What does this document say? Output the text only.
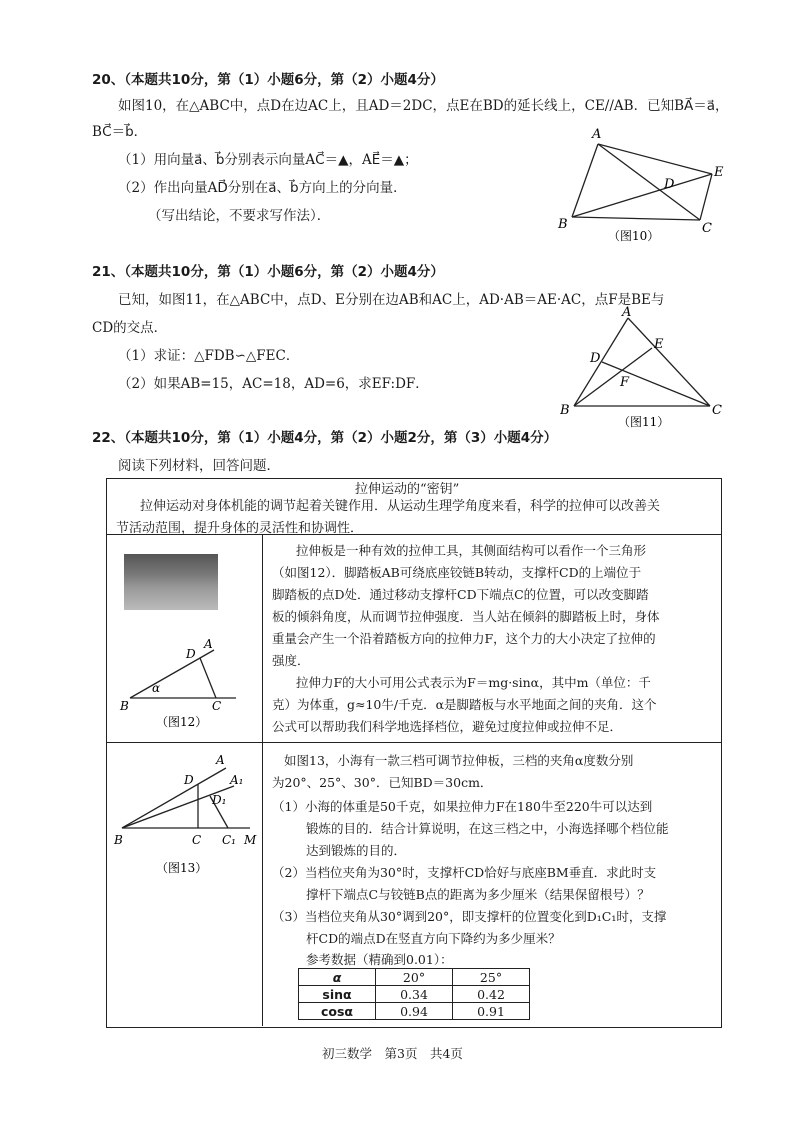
20、（本题共10分，第（1）小题6分，第（2）小题4分）
如图10，在△ABC中，点D在边AC上，且AD＝2DC，点E在BD的延长线上，CE//AB．已知BA⃗＝a⃗，
BC⃗＝b⃗．
（1）用向量a⃗、b⃗分别表示向量AC⃗＝▲，AE⃗＝▲；
（2）作出向量AD⃗分别在a⃗、b⃗方向上的分向量．
（写出结论，不要求写作法）．
A
D
E
B	C
（图10）
21、（本题共10分，第（1）小题6分，第（2）小题4分）
已知，如图11，在△ABC中，点D、E分别在边AB和AC上，AD·AB＝AE·AC，点F是BE与
CD的交点．
（1）求证：△FDB∽△FEC．
（2）如果AB=15，AC=18，AD=6，求EF:DF．
A
D
E
F
B	C
（图11）
22、（本题共10分，第（1）小题4分，第（2）小题2分，第（3）小题4分）
阅读下列材料，回答问题．
拉伸运动的“密钥”
拉伸运动对身体机能的调节起着关键作用．从运动生理学角度来看，科学的拉伸可以改善关
节活动范围，提升身体的灵活性和协调性．
A
D
α
B	C
（图12）
拉伸板是一种有效的拉伸工具，其侧面结构可以看作一个三角形
（如图12）．脚踏板AB可绕底座铰链B转动，支撑杆CD的上端位于
脚踏板的点D处．通过移动支撑杆CD下端点C的位置，可以改变脚踏
板的倾斜角度，从而调节拉伸强度．当人站在倾斜的脚踏板上时，身体
重量会产生一个沿着踏板方向的拉伸力F，这个力的大小决定了拉伸的
强度．
拉伸力F的大小可用公式表示为F＝mg·sinα，其中m（单位：千
克）为体重，g≈10牛/千克．α是脚踏板与水平地面之间的夹角．这个
公式可以帮助我们科学地选择档位，避免过度拉伸或拉伸不足．
A
D	A₁
D₁
B	C C₁ M
（图13）
如图13，小海有一款三档可调节拉伸板，三档的夹角α度数分别
为20°、25°、30°．已知BD＝30cm．
（1）小海的体重是50千克，如果拉伸力F在180牛至220牛可以达到
锻炼的目的．结合计算说明，在这三档之中，小海选择哪个档位能
达到锻炼的目的．
（2）当档位夹角为30°时，支撑杆CD恰好与底座BM垂直．求此时支
撑杆下端点C与铰链B点的距离为多少厘米（结果保留根号）？
（3）当档位夹角从30°调到20°，即支撑杆的位置变化到D₁C₁时，支撑
杆CD的端点D在竖直方向下降约为多少厘米？
参考数据（精确到0.01）：
α	20°	25°
sinα	0.34	0.42
cosα	0.94	0.91
初三数学　第3页　共4页
